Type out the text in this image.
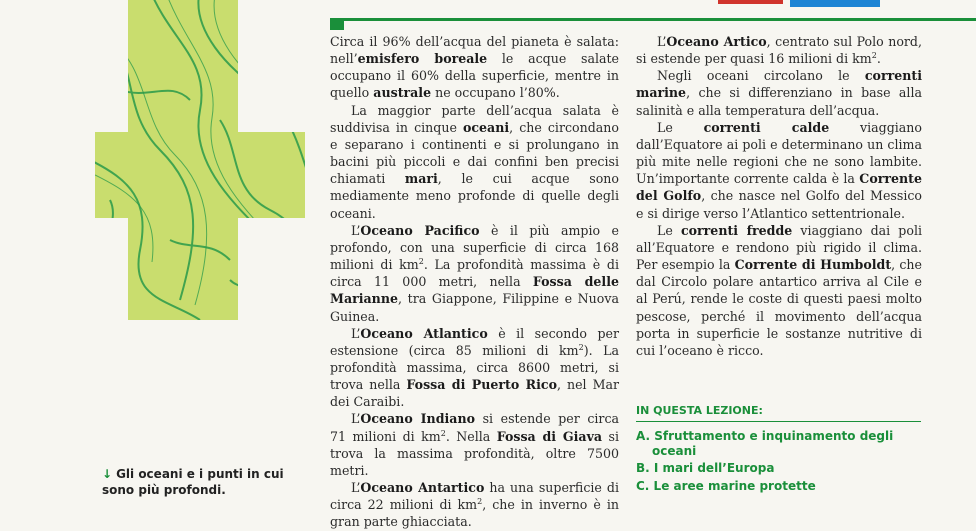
Circa il 96% dell’acqua del pianeta è salata: nell’emisfero boreale le acque salate occupano il 60% della superficie, mentre in quello australe ne occupano l’80%.

La maggior parte dell’acqua salata è suddivisa in cinque oceani, che circondano e separano i continenti e si prolungano in bacini più piccoli e dai confini ben precisi chiamati mari, le cui acque sono mediamente meno profonde di quelle degli oceani.

L’Oceano Pacifico è il più ampio e profondo, con una superficie di circa 168 milioni di $km^2$. La profondità massima è di circa 11 000 metri, nella Fossa delle Marianne, tra Giappone, Filippine e Nuova Guinea.

L’Oceano Atlantico è il secondo per estensione (circa 85 milioni di $km^2$). La profondità massima, circa 8600 metri, si trova nella Fossa di Puerto Rico, nel Mar dei Caraibi.

L’Oceano Indiano si estende per circa 71 milioni di $km^2$. Nella Fossa di Giava si trova la massima profondità, oltre 7500 metri.

L’Oceano Antartico ha una superficie di circa 22 milioni di $km^2$, che in inverno è in gran parte ghiacciata.

L’Oceano Artico, centrato sul Polo nord, si estende per quasi 16 milioni di $km^2$.

Negli oceani circolano le correnti marine, che si differenziano in base alla salinità e alla temperatura dell’acqua.

Le correnti calde viaggiano dall’Equatore ai poli e determinano un clima più mite nelle regioni che ne sono lambite. Un’importante corrente calda è la Corrente del Golfo, che nasce nel Golfo del Messico e si dirige verso l’Atlantico settentrionale.

Le correnti fredde viaggiano dai poli all’Equatore e rendono più rigido il clima. Per esempio la Corrente di Humboldt, che dal Circolo polare antartico arriva al Cile e al Perú, rende le coste di questi paesi molto pescose, perché il movimento dell’acqua porta in superficie le sostanze nutritive di cui l’oceano è ricco.

↓ Gli oceani e i punti in cui sono più profondi.
IN QUESTA LEZIONE:
A. Sfruttamento e inquinamento degli oceani
B. I mari dell’Europa
C. Le aree marine protette
